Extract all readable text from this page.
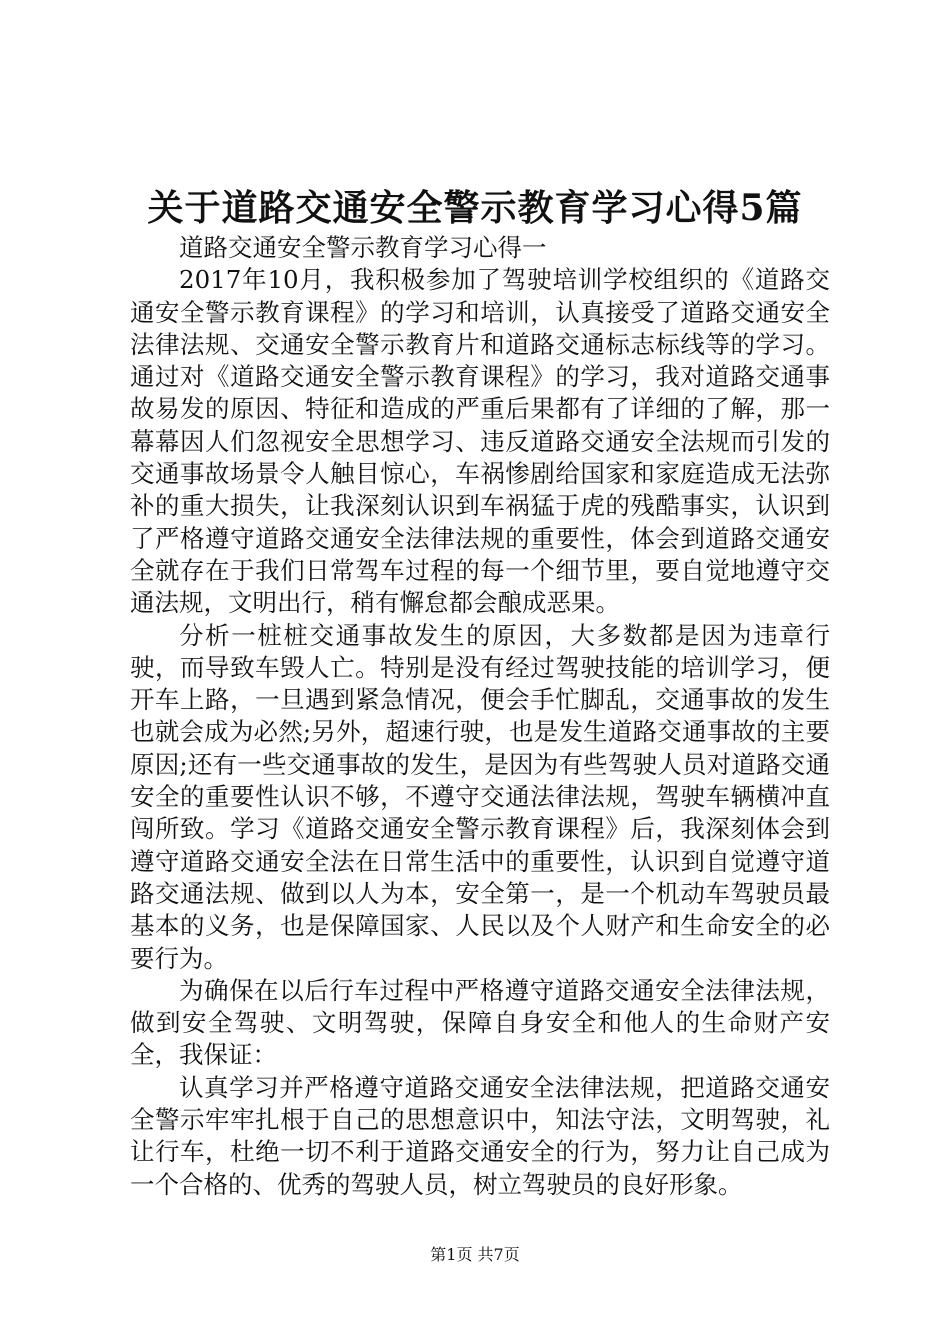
关于道路交通安全警示教育学习心得5篇

道路交通安全警示教育学习心得一

2017年10月，我积极参加了驾驶培训学校组织的《道路交通安全警示教育课程》的学习和培训，认真接受了道路交通安全法律法规、交通安全警示教育片和道路交通标志标线等的学习。通过对《道路交通安全警示教育课程》的学习，我对道路交通事故易发的原因、特征和造成的严重后果都有了详细的了解，那一幕幕因人们忽视安全思想学习、违反道路交通安全法规而引发的交通事故场景令人触目惊心，车祸惨剧给国家和家庭造成无法弥补的重大损失，让我深刻认识到车祸猛于虎的残酷事实，认识到了严格遵守道路交通安全法律法规的重要性，体会到道路交通安全就存在于我们日常驾车过程的每一个细节里，要自觉地遵守交通法规，文明出行，稍有懈怠都会酿成恶果。

分析一桩桩交通事故发生的原因，大多数都是因为违章行驶，而导致车毁人亡。特别是没有经过驾驶技能的培训学习，便开车上路，一旦遇到紧急情况，便会手忙脚乱，交通事故的发生也就会成为必然;另外，超速行驶，也是发生道路交通事故的主要原因;还有一些交通事故的发生，是因为有些驾驶人员对道路交通安全的重要性认识不够，不遵守交通法律法规，驾驶车辆横冲直闯所致。学习《道路交通安全警示教育课程》后，我深刻体会到遵守道路交通安全法在日常生活中的重要性，认识到自觉遵守道路交通法规、做到以人为本，安全第一，是一个机动车驾驶员最基本的义务，也是保障国家、人民以及个人财产和生命安全的必要行为。

为确保在以后行车过程中严格遵守道路交通安全法律法规，做到安全驾驶、文明驾驶，保障自身安全和他人的生命财产安全，我保证：

认真学习并严格遵守道路交通安全法律法规，把道路交通安全警示牢牢扎根于自己的思想意识中，知法守法，文明驾驶，礼让行车，杜绝一切不利于道路交通安全的行为，努力让自己成为一个合格的、优秀的驾驶人员，树立驾驶员的良好形象。

第1页 共7页
